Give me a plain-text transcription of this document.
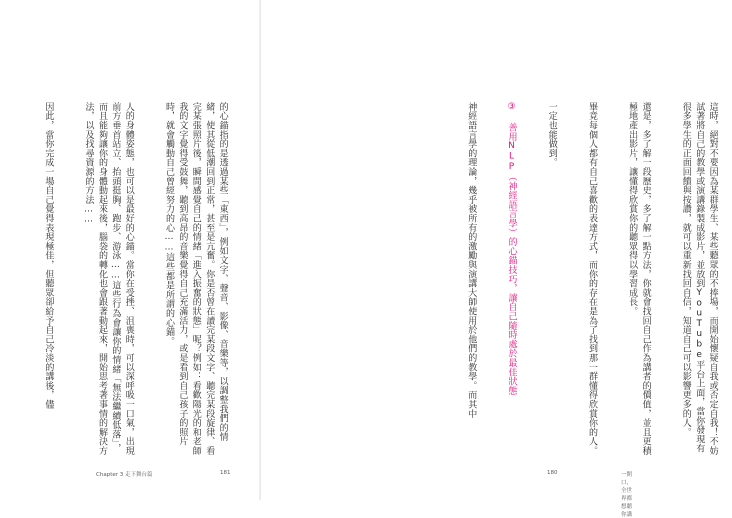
的心錨指的是透過某些「東西」，例如文字、聲音、影像、音樂等，以調整我們的情緒，使其從低潮回到正常，甚至是亢奮。你是否曾在讀完某段文字、聽完某段旋律、看完某張照片後，瞬間感覺自己的情緒「進入振奮的狀態」呢？例如：看歡陽光的和老師我的文字覺得受鼓舞，聽到高昂的音樂覺得自己充滿活力，或是看到自己孩子的照片時，就會觸動自己曾經努力的心……這些都是所謂的心錨。

人的身體姿態，也可以是最好的心錨。當你在受挫、沮喪時，可以深呼吸一口氣，出現前方垂首站立、抬頭挺胸、跑步、游泳……這些行為會讓你的情緒「無法繼續低落」，而且能夠讓你的身體動起來後，腦袋的轉化也會跟著動起來，開始思考著事情的解決方法，以及找尋資源的方法……

因此，當你完成一場自己覺得表現極佳，但聽眾卻給予自己冷淡的講後，儘

Chapter 3 走下舞台篇	181

這時，絕對不要因為某群學生、某些聽眾的不捧場，而開始懷疑自我或否定自我！不妨試著將自己的教學或演講錄製成影片，並放到YouTube平台上面，當你發現有很多學生的正面回饋與按讚，就可以重新找回自信，知道自己可以影響更多的人。

還是，多了解一段歷史，多了解一點方法，你就會找回自己作為講者的價值，並且更積極地產出影片，讓懂得欣賞你的聽眾得以學習成長。

畢竟每個人都有自己喜歡的表達方式，而你的存在是為了找到那一群懂得欣賞你的人。

一定也能做到。

③ 善用NLP（神經語言學）的心錨技巧，讓自己隨時處於最佳狀態

神經語言學的理論，幾乎被所有的激勵與演講大師使用於他們的教學。而其中

180	一開口，全世界都想聽你講
